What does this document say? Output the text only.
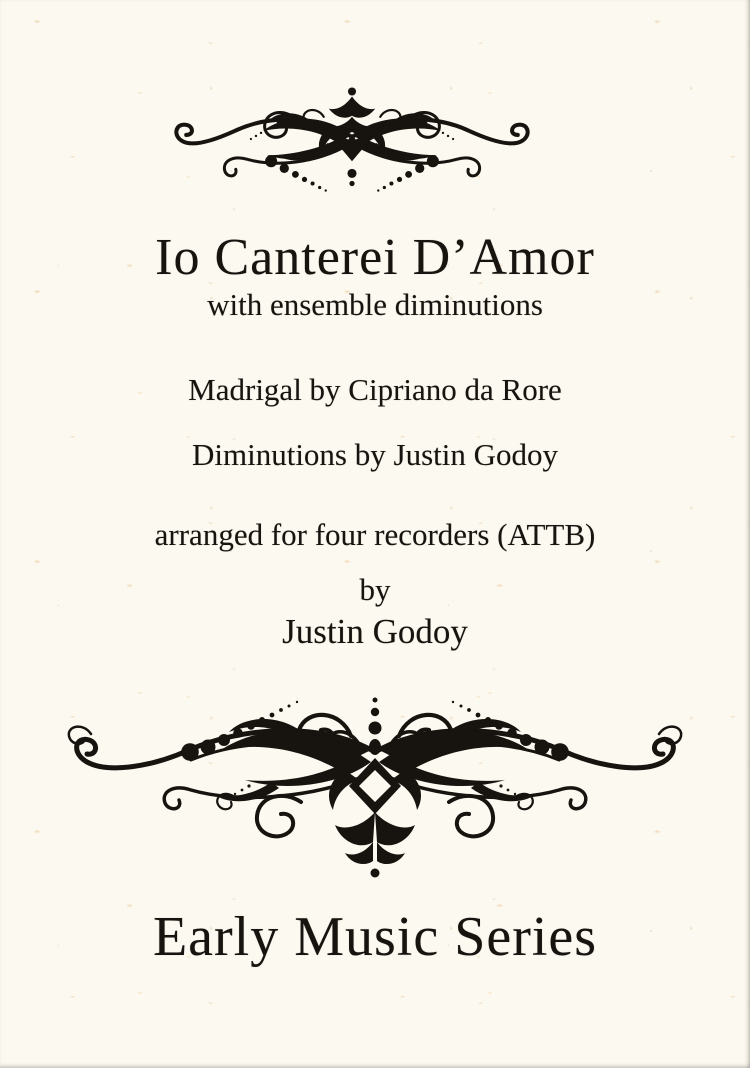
Io Canterei D’Amor
with ensemble diminutions
Madrigal by Cipriano da Rore
Diminutions by Justin Godoy
arranged for four recorders (ATTB)
by
Justin Godoy
Early Music Series
